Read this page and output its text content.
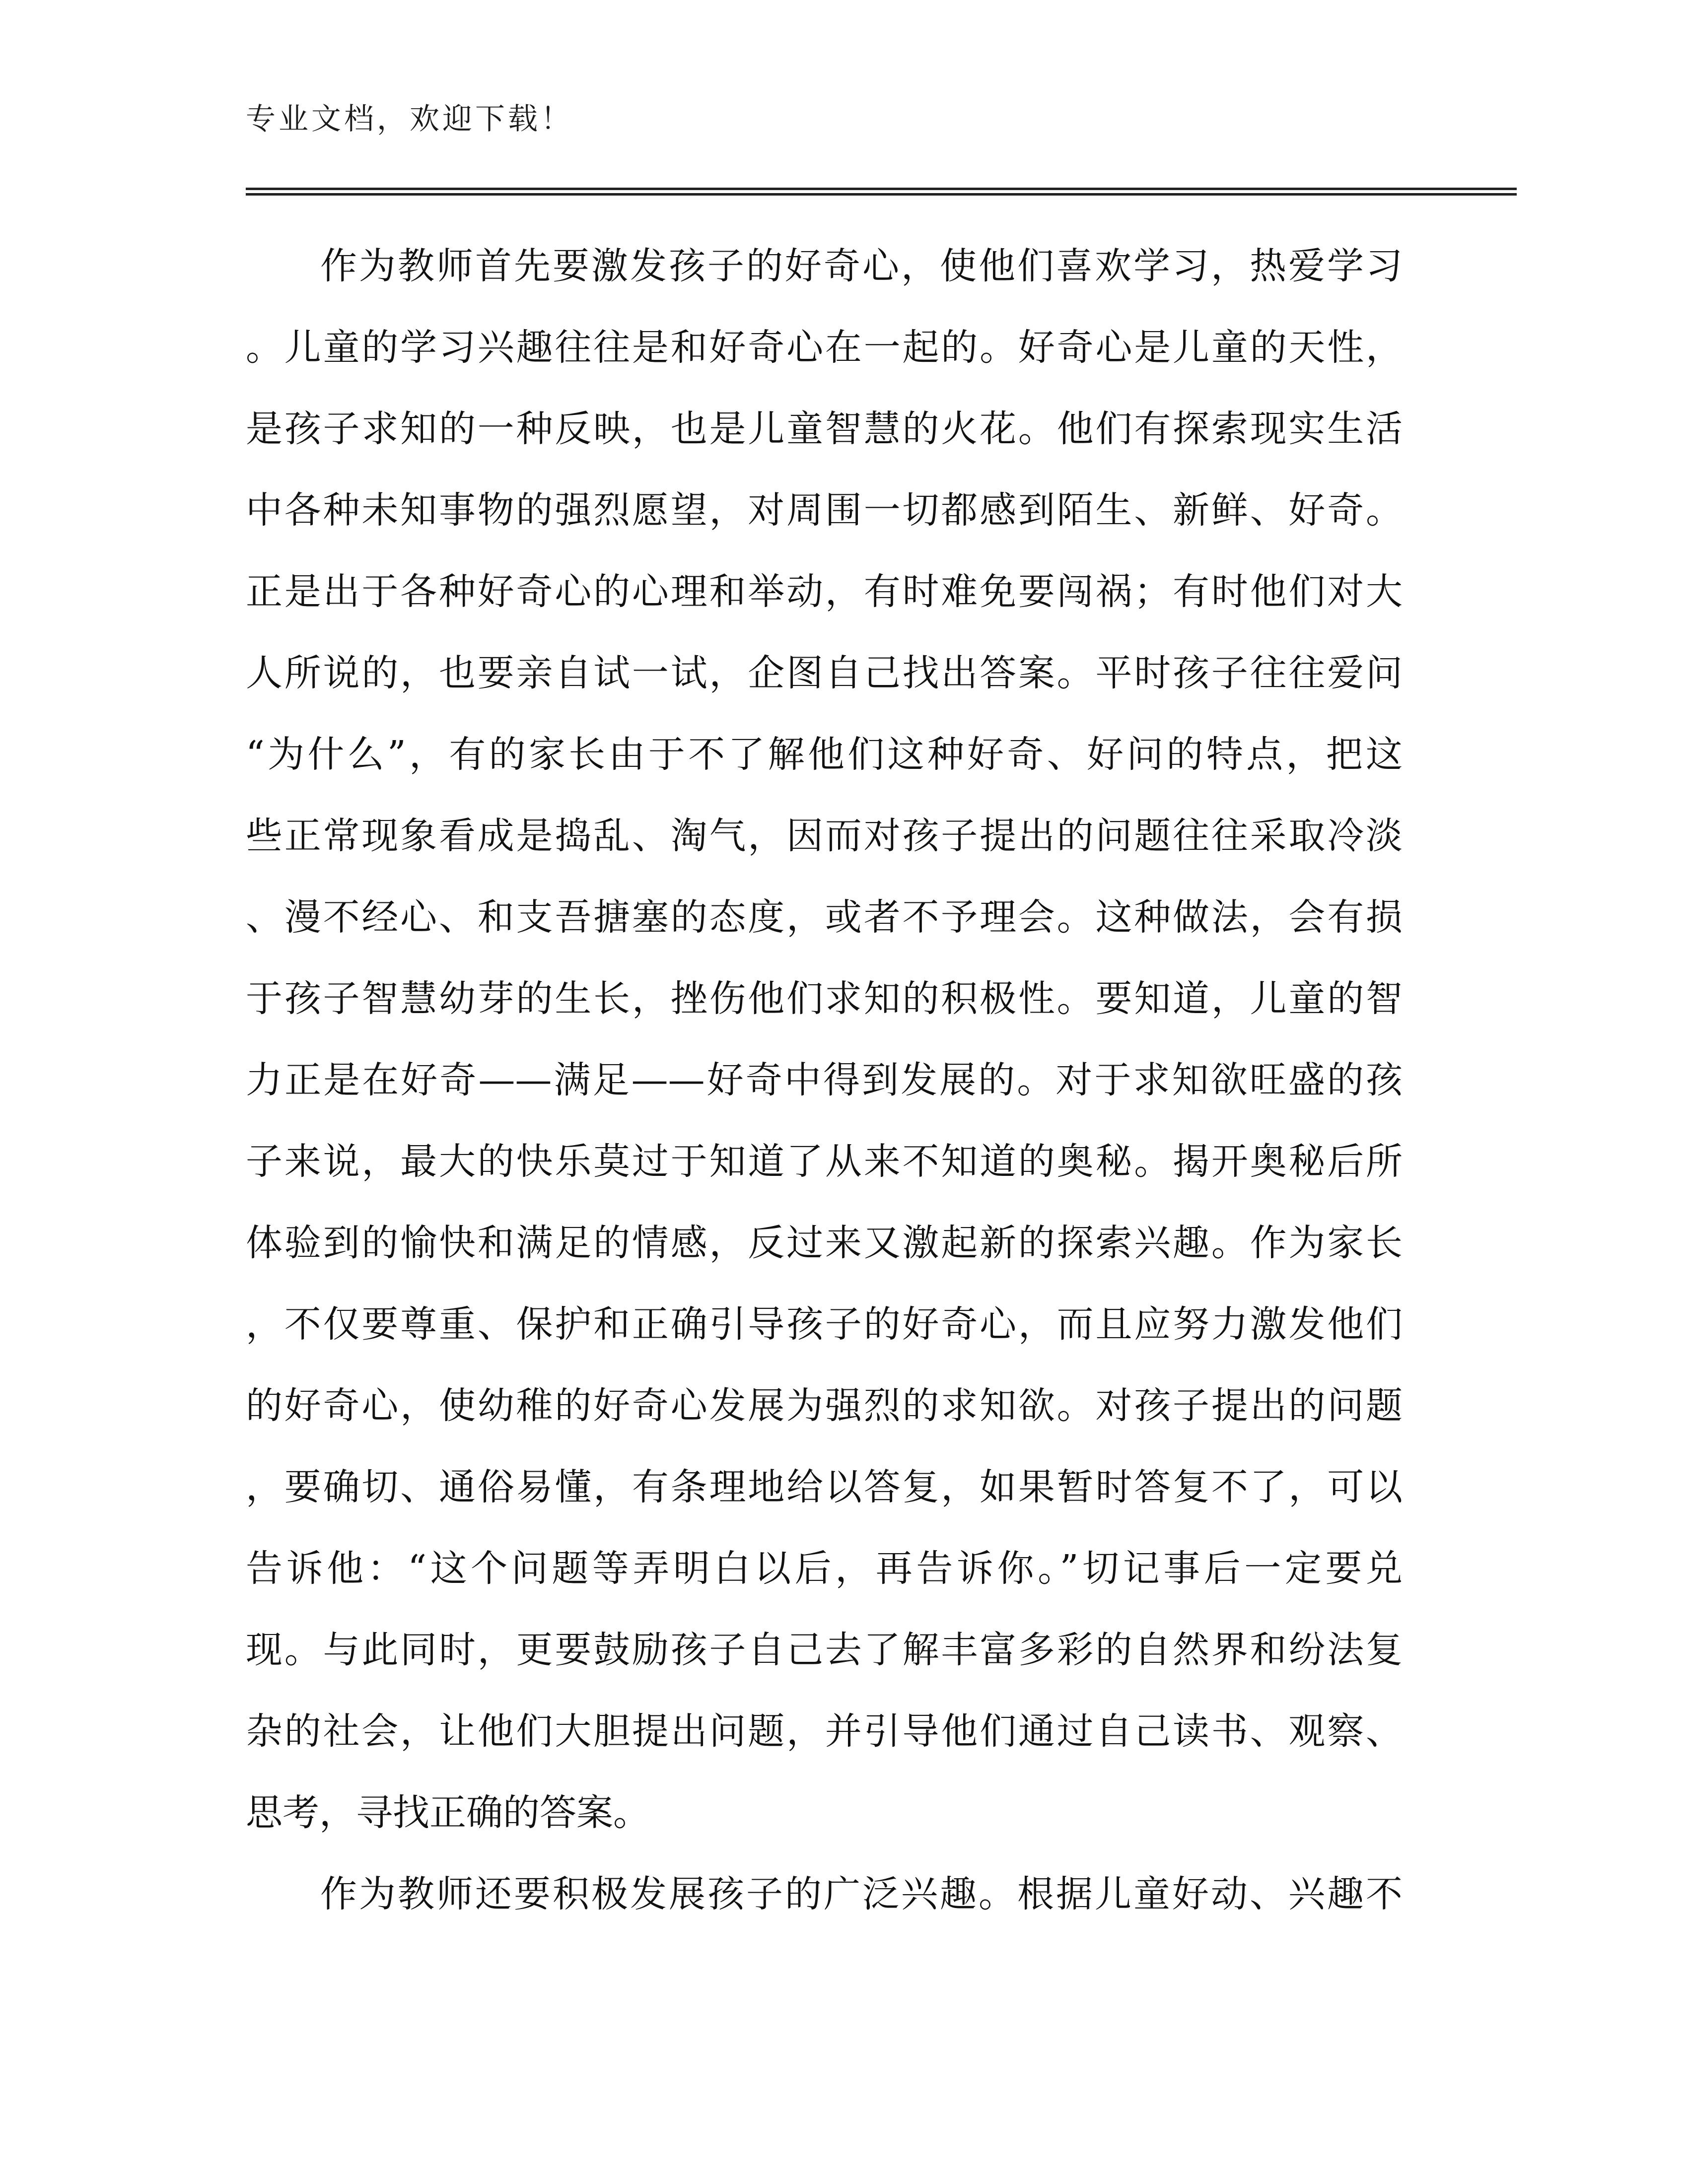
专业文档，欢迎下载！
作为教师首先要激发孩子的好奇心，使他们喜欢学习，热爱学习
。儿童的学习兴趣往往是和好奇心在一起的。好奇心是儿童的天性，
是孩子求知的一种反映，也是儿童智慧的火花。他们有探索现实生活
中各种未知事物的强烈愿望，对周围一切都感到陌生、新鲜、好奇。
正是出于各种好奇心的心理和举动，有时难免要闯祸；有时他们对大
人所说的，也要亲自试一试，企图自己找出答案。平时孩子往往爱问
“为什么”，有的家长由于不了解他们这种好奇、好问的特点，把这
些正常现象看成是捣乱、淘气，因而对孩子提出的问题往往采取冷淡
、漫不经心、和支吾搪塞的态度，或者不予理会。这种做法，会有损
于孩子智慧幼芽的生长，挫伤他们求知的积极性。要知道，儿童的智
力正是在好奇——满足——好奇中得到发展的。对于求知欲旺盛的孩
子来说，最大的快乐莫过于知道了从来不知道的奥秘。揭开奥秘后所
体验到的愉快和满足的情感，反过来又激起新的探索兴趣。作为家长
，不仅要尊重、保护和正确引导孩子的好奇心，而且应努力激发他们
的好奇心，使幼稚的好奇心发展为强烈的求知欲。对孩子提出的问题
，要确切、通俗易懂，有条理地给以答复，如果暂时答复不了，可以
告诉他：“这个问题等弄明白以后，再告诉你。”切记事后一定要兑
现。与此同时，更要鼓励孩子自己去了解丰富多彩的自然界和纷法复
杂的社会，让他们大胆提出问题，并引导他们通过自己读书、观察、
思考，寻找正确的答案。
作为教师还要积极发展孩子的广泛兴趣。根据儿童好动、兴趣不
